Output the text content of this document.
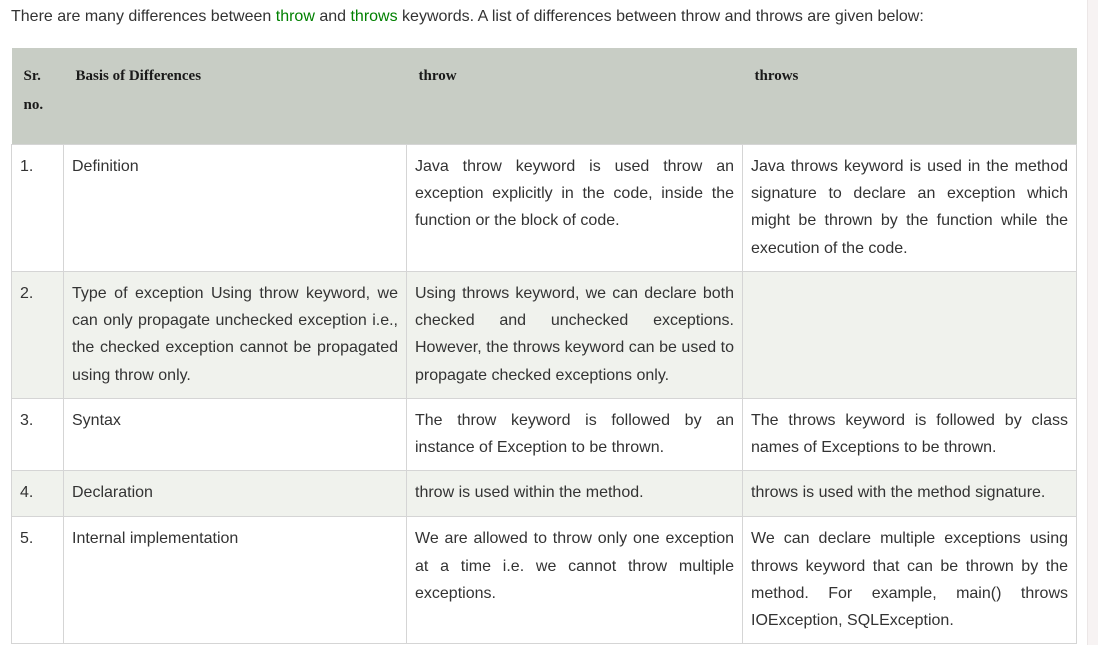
There are many differences between throw and throws keywords. A list of differences between throw and throws are given below:
Sr.
no.	Basis of Differences	throw	throws
1.	Definition	Java throw keyword is used throw an exception explicitly in the code, inside the function or the block of code.	Java throws keyword is used in the method signature to declare an exception which might be thrown by the function while the execution of the code.
2.	Type of exception Using throw keyword, we can only propagate unchecked exception i.e., the checked exception cannot be propagated using throw only.	Using throws keyword, we can declare both checked and unchecked exceptions. However, the throws keyword can be used to propagate checked exceptions only.	
3.	Syntax	The throw keyword is followed by an instance of Exception to be thrown.	The throws keyword is followed by class names of Exceptions to be thrown.
4.	Declaration	throw is used within the method.	throws is used with the method signature.
5.	Internal implementation	We are allowed to throw only one exception at a time i.e. we cannot throw multiple exceptions.	We can declare multiple exceptions using throws keyword that can be thrown by the method. For example, main() throws IOException, SQLException.
